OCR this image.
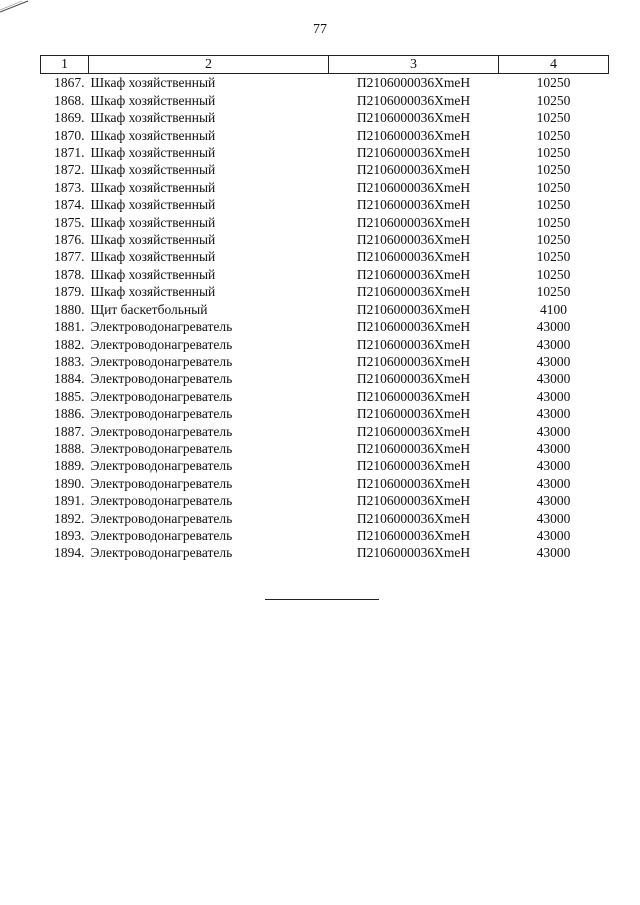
77
1	2	3	4
1867.	Шкаф хозяйственный	П2106000036ХmeН	10250
1868.	Шкаф хозяйственный	П2106000036ХmeН	10250
1869.	Шкаф хозяйственный	П2106000036ХmeН	10250
1870.	Шкаф хозяйственный	П2106000036ХmeН	10250
1871.	Шкаф хозяйственный	П2106000036ХmeН	10250
1872.	Шкаф хозяйственный	П2106000036ХmeН	10250
1873.	Шкаф хозяйственный	П2106000036ХmeН	10250
1874.	Шкаф хозяйственный	П2106000036ХmeН	10250
1875.	Шкаф хозяйственный	П2106000036ХmeН	10250
1876.	Шкаф хозяйственный	П2106000036ХmeН	10250
1877.	Шкаф хозяйственный	П2106000036ХmeН	10250
1878.	Шкаф хозяйственный	П2106000036ХmeН	10250
1879.	Шкаф хозяйственный	П2106000036ХmeН	10250
1880.	Щит баскетбольный	П2106000036ХmeН	4100
1881.	Электроводонагреватель	П2106000036ХmeН	43000
1882.	Электроводонагреватель	П2106000036ХmeН	43000
1883.	Электроводонагреватель	П2106000036ХmeН	43000
1884.	Электроводонагреватель	П2106000036ХmeН	43000
1885.	Электроводонагреватель	П2106000036ХmeН	43000
1886.	Электроводонагреватель	П2106000036ХmeН	43000
1887.	Электроводонагреватель	П2106000036ХmeН	43000
1888.	Электроводонагреватель	П2106000036ХmeН	43000
1889.	Электроводонагреватель	П2106000036ХmeН	43000
1890.	Электроводонагреватель	П2106000036ХmeН	43000
1891.	Электроводонагреватель	П2106000036ХmeН	43000
1892.	Электроводонагреватель	П2106000036ХmeН	43000
1893.	Электроводонагреватель	П2106000036ХmeН	43000
1894.	Электроводонагреватель	П2106000036ХmeН	43000
